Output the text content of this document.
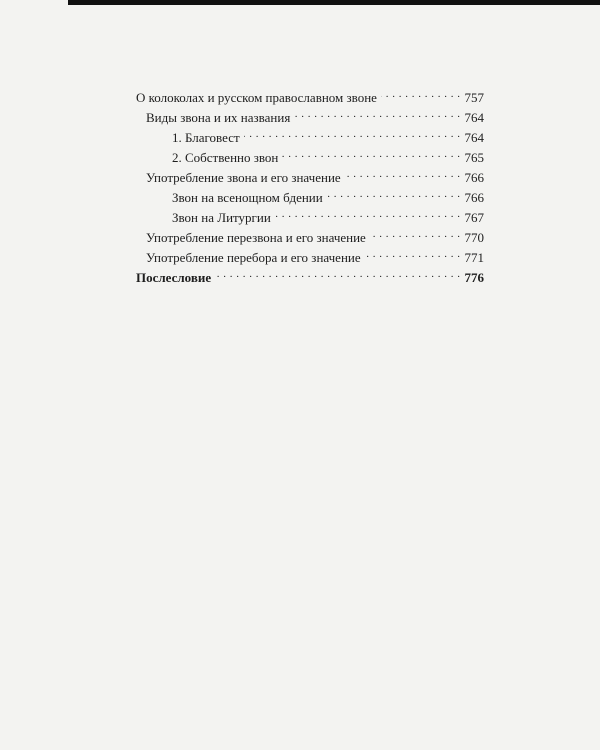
О колоколах и русском православном звоне . . .	757
Виды звона и их названия . . .	764
1. Благовест . . .	764
2. Собственно звон . . .	765
Употребление звона и его значение . . .	766
Звон на всенощном бдении . . .	766
Звон на Литургии . . .	767
Употребление перезвона и его значение . . .	770
Употребление перебора и его значение . . .	771
Послесловие . . .	776
